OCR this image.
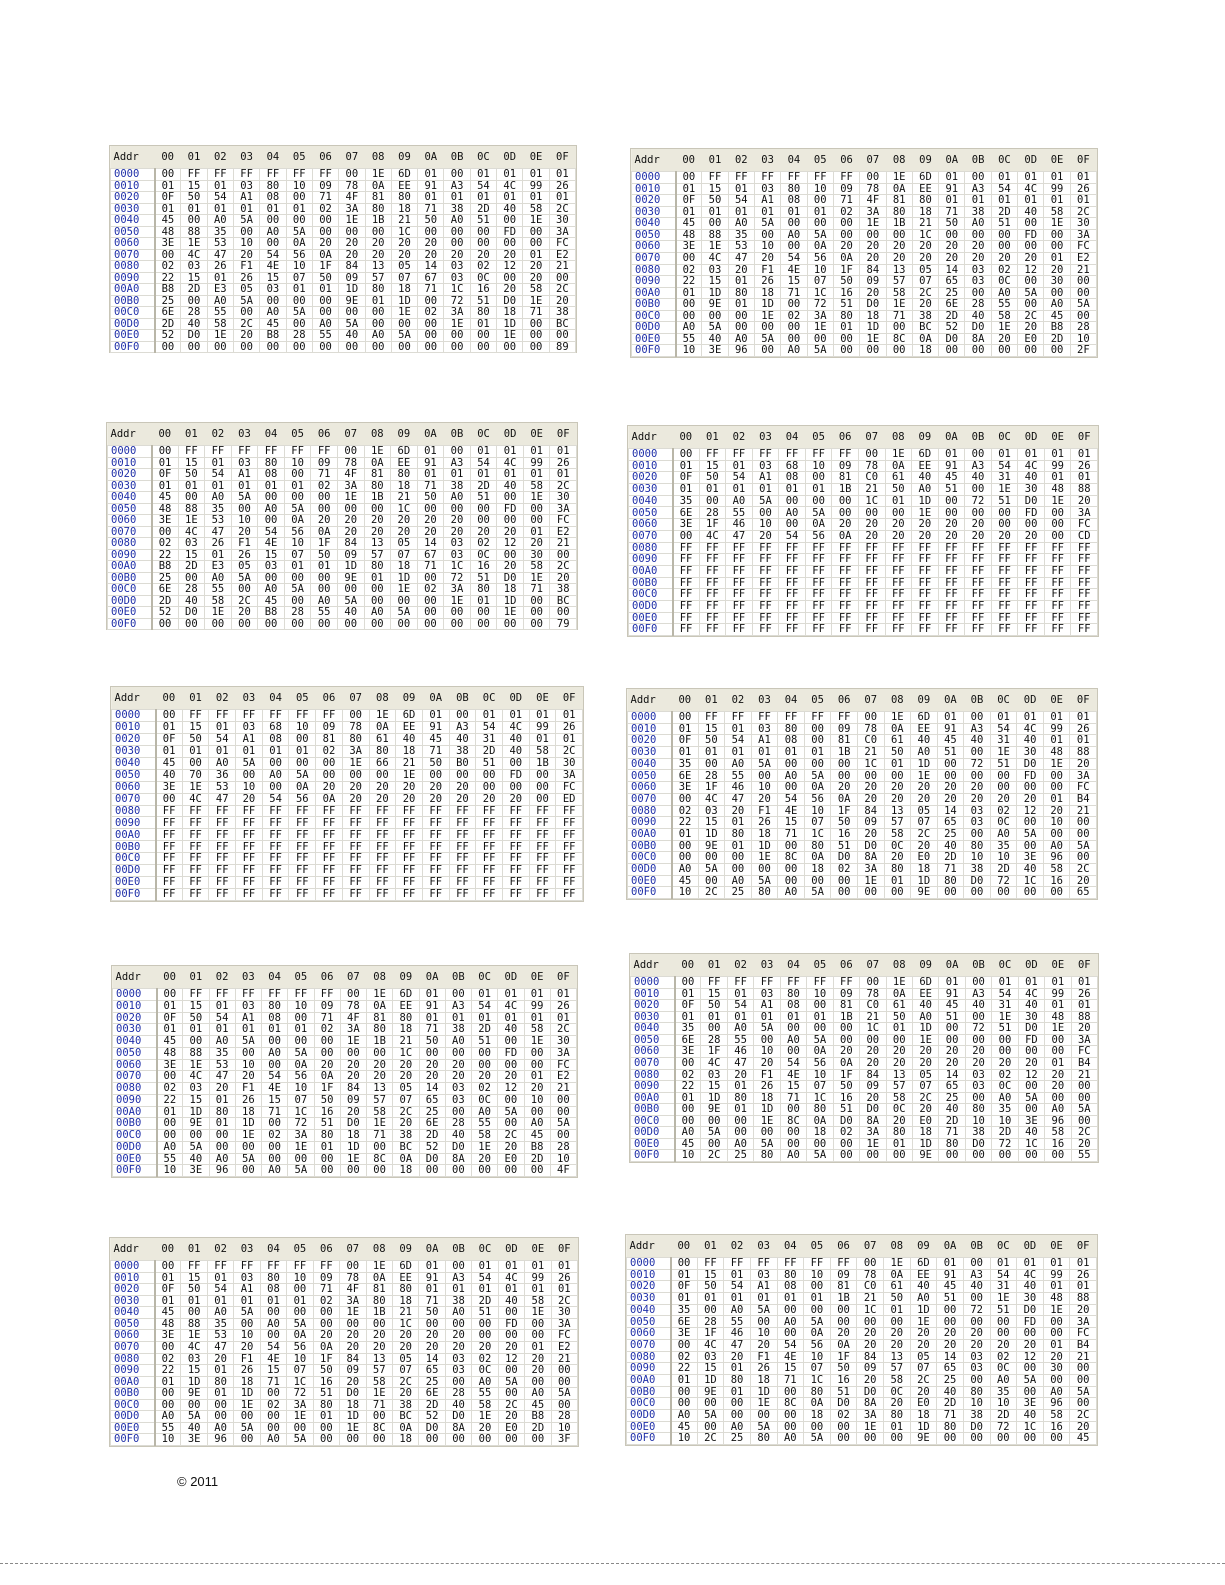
Addr	00	01	02	03	04	05	06	07	08	09	0A	0B	0C	0D	0E	0F
0000	00	FF	FF	FF	FF	FF	FF	00	1E	6D	01	00	01	01	01	01
0010	01	15	01	03	80	10	09	78	0A	EE	91	A3	54	4C	99	26
0020	0F	50	54	A1	08	00	71	4F	81	80	01	01	01	01	01	01
0030	01	01	01	01	01	01	02	3A	80	18	71	38	2D	40	58	2C
0040	45	00	A0	5A	00	00	00	1E	1B	21	50	A0	51	00	1E	30
0050	48	88	35	00	A0	5A	00	00	00	1C	00	00	00	FD	00	3A
0060	3E	1E	53	10	00	0A	20	20	20	20	20	00	00	00	00	FC
0070	00	4C	47	20	54	56	0A	20	20	20	20	20	20	20	01	E2
0080	02	03	26	F1	4E	10	1F	84	13	05	14	03	02	12	20	21
0090	22	15	01	26	15	07	50	09	57	07	67	03	0C	00	20	00
00A0	B8	2D	E3	05	03	01	01	1D	80	18	71	1C	16	20	58	2C
00B0	25	00	A0	5A	00	00	00	9E	01	1D	00	72	51	D0	1E	20
00C0	6E	28	55	00	A0	5A	00	00	00	1E	02	3A	80	18	71	38
00D0	2D	40	58	2C	45	00	A0	5A	00	00	00	1E	01	1D	00	BC
00E0	52	D0	1E	20	B8	28	55	40	A0	5A	00	00	00	1E	00	00
00F0	00	00	00	00	00	00	00	00	00	00	00	00	00	00	00	89
Addr	00	01	02	03	04	05	06	07	08	09	0A	0B	0C	0D	0E	0F
0000	00	FF	FF	FF	FF	FF	FF	00	1E	6D	01	00	01	01	01	01
0010	01	15	01	03	80	10	09	78	0A	EE	91	A3	54	4C	99	26
0020	0F	50	54	A1	08	00	71	4F	81	80	01	01	01	01	01	01
0030	01	01	01	01	01	01	02	3A	80	18	71	38	2D	40	58	2C
0040	45	00	A0	5A	00	00	00	1E	1B	21	50	A0	51	00	1E	30
0050	48	88	35	00	A0	5A	00	00	00	1C	00	00	00	FD	00	3A
0060	3E	1E	53	10	00	0A	20	20	20	20	20	20	00	00	00	FC
0070	00	4C	47	20	54	56	0A	20	20	20	20	20	20	20	01	E2
0080	02	03	20	F1	4E	10	1F	84	13	05	14	03	02	12	20	21
0090	22	15	01	26	15	07	50	09	57	07	65	03	0C	00	30	00
00A0	01	1D	80	18	71	1C	16	20	58	2C	25	00	A0	5A	00	00
00B0	00	9E	01	1D	00	72	51	D0	1E	20	6E	28	55	00	A0	5A
00C0	00	00	00	1E	02	3A	80	18	71	38	2D	40	58	2C	45	00
00D0	A0	5A	00	00	00	1E	01	1D	00	BC	52	D0	1E	20	B8	28
00E0	55	40	A0	5A	00	00	00	1E	8C	0A	D0	8A	20	E0	2D	10
00F0	10	3E	96	00	A0	5A	00	00	00	18	00	00	00	00	00	2F
Addr	00	01	02	03	04	05	06	07	08	09	0A	0B	0C	0D	0E	0F
0000	00	FF	FF	FF	FF	FF	FF	00	1E	6D	01	00	01	01	01	01
0010	01	15	01	03	80	10	09	78	0A	EE	91	A3	54	4C	99	26
0020	0F	50	54	A1	08	00	71	4F	81	80	01	01	01	01	01	01
0030	01	01	01	01	01	01	02	3A	80	18	71	38	2D	40	58	2C
0040	45	00	A0	5A	00	00	00	1E	1B	21	50	A0	51	00	1E	30
0050	48	88	35	00	A0	5A	00	00	00	1C	00	00	00	FD	00	3A
0060	3E	1E	53	10	00	0A	20	20	20	20	20	20	00	00	00	FC
0070	00	4C	47	20	54	56	0A	20	20	20	20	20	20	20	01	E2
0080	02	03	26	F1	4E	10	1F	84	13	05	14	03	02	12	20	21
0090	22	15	01	26	15	07	50	09	57	07	67	03	0C	00	30	00
00A0	B8	2D	E3	05	03	01	01	1D	80	18	71	1C	16	20	58	2C
00B0	25	00	A0	5A	00	00	00	9E	01	1D	00	72	51	D0	1E	20
00C0	6E	28	55	00	A0	5A	00	00	00	1E	02	3A	80	18	71	38
00D0	2D	40	58	2C	45	00	A0	5A	00	00	00	1E	01	1D	00	BC
00E0	52	D0	1E	20	B8	28	55	40	A0	5A	00	00	00	1E	00	00
00F0	00	00	00	00	00	00	00	00	00	00	00	00	00	00	00	79
Addr	00	01	02	03	04	05	06	07	08	09	0A	0B	0C	0D	0E	0F
0000	00	FF	FF	FF	FF	FF	FF	00	1E	6D	01	00	01	01	01	01
0010	01	15	01	03	68	10	09	78	0A	EE	91	A3	54	4C	99	26
0020	0F	50	54	A1	08	00	81	C0	61	40	45	40	31	40	01	01
0030	01	01	01	01	01	01	1B	21	50	A0	51	00	1E	30	48	88
0040	35	00	A0	5A	00	00	00	1C	01	1D	00	72	51	D0	1E	20
0050	6E	28	55	00	A0	5A	00	00	00	1E	00	00	00	FD	00	3A
0060	3E	1F	46	10	00	0A	20	20	20	20	20	20	00	00	00	FC
0070	00	4C	47	20	54	56	0A	20	20	20	20	20	20	20	00	CD
0080	FF	FF	FF	FF	FF	FF	FF	FF	FF	FF	FF	FF	FF	FF	FF	FF
0090	FF	FF	FF	FF	FF	FF	FF	FF	FF	FF	FF	FF	FF	FF	FF	FF
00A0	FF	FF	FF	FF	FF	FF	FF	FF	FF	FF	FF	FF	FF	FF	FF	FF
00B0	FF	FF	FF	FF	FF	FF	FF	FF	FF	FF	FF	FF	FF	FF	FF	FF
00C0	FF	FF	FF	FF	FF	FF	FF	FF	FF	FF	FF	FF	FF	FF	FF	FF
00D0	FF	FF	FF	FF	FF	FF	FF	FF	FF	FF	FF	FF	FF	FF	FF	FF
00E0	FF	FF	FF	FF	FF	FF	FF	FF	FF	FF	FF	FF	FF	FF	FF	FF
00F0	FF	FF	FF	FF	FF	FF	FF	FF	FF	FF	FF	FF	FF	FF	FF	FF
Addr	00	01	02	03	04	05	06	07	08	09	0A	0B	0C	0D	0E	0F
0000	00	FF	FF	FF	FF	FF	FF	00	1E	6D	01	00	01	01	01	01
0010	01	15	01	03	68	10	09	78	0A	EE	91	A3	54	4C	99	26
0020	0F	50	54	A1	08	00	81	80	61	40	45	40	31	40	01	01
0030	01	01	01	01	01	01	02	3A	80	18	71	38	2D	40	58	2C
0040	45	00	A0	5A	00	00	00	1E	66	21	50	B0	51	00	1B	30
0050	40	70	36	00	A0	5A	00	00	00	1E	00	00	00	FD	00	3A
0060	3E	1E	53	10	00	0A	20	20	20	20	20	20	00	00	00	FC
0070	00	4C	47	20	54	56	0A	20	20	20	20	20	20	20	00	ED
0080	FF	FF	FF	FF	FF	FF	FF	FF	FF	FF	FF	FF	FF	FF	FF	FF
0090	FF	FF	FF	FF	FF	FF	FF	FF	FF	FF	FF	FF	FF	FF	FF	FF
00A0	FF	FF	FF	FF	FF	FF	FF	FF	FF	FF	FF	FF	FF	FF	FF	FF
00B0	FF	FF	FF	FF	FF	FF	FF	FF	FF	FF	FF	FF	FF	FF	FF	FF
00C0	FF	FF	FF	FF	FF	FF	FF	FF	FF	FF	FF	FF	FF	FF	FF	FF
00D0	FF	FF	FF	FF	FF	FF	FF	FF	FF	FF	FF	FF	FF	FF	FF	FF
00E0	FF	FF	FF	FF	FF	FF	FF	FF	FF	FF	FF	FF	FF	FF	FF	FF
00F0	FF	FF	FF	FF	FF	FF	FF	FF	FF	FF	FF	FF	FF	FF	FF	FF
Addr	00	01	02	03	04	05	06	07	08	09	0A	0B	0C	0D	0E	0F
0000	00	FF	FF	FF	FF	FF	FF	00	1E	6D	01	00	01	01	01	01
0010	01	15	01	03	80	00	09	78	0A	EE	91	A3	54	4C	99	26
0020	0F	50	54	A1	08	00	81	C0	61	40	45	40	31	40	01	01
0030	01	01	01	01	01	01	1B	21	50	A0	51	00	1E	30	48	88
0040	35	00	A0	5A	00	00	00	1C	01	1D	00	72	51	D0	1E	20
0050	6E	28	55	00	A0	5A	00	00	00	1E	00	00	00	FD	00	3A
0060	3E	1F	46	10	00	0A	20	20	20	20	20	20	00	00	00	FC
0070	00	4C	47	20	54	56	0A	20	20	20	20	20	20	20	01	B4
0080	02	03	20	F1	4E	10	1F	84	13	05	14	03	02	12	20	21
0090	22	15	01	26	15	07	50	09	57	07	65	03	0C	00	10	00
00A0	01	1D	80	18	71	1C	16	20	58	2C	25	00	A0	5A	00	00
00B0	00	9E	01	1D	00	80	51	D0	0C	20	40	80	35	00	A0	5A
00C0	00	00	00	1E	8C	0A	D0	8A	20	E0	2D	10	10	3E	96	00
00D0	A0	5A	00	00	00	18	02	3A	80	18	71	38	2D	40	58	2C
00E0	45	00	A0	5A	00	00	00	1E	01	1D	80	D0	72	1C	16	20
00F0	10	2C	25	80	A0	5A	00	00	00	9E	00	00	00	00	00	65
Addr	00	01	02	03	04	05	06	07	08	09	0A	0B	0C	0D	0E	0F
0000	00	FF	FF	FF	FF	FF	FF	00	1E	6D	01	00	01	01	01	01
0010	01	15	01	03	80	10	09	78	0A	EE	91	A3	54	4C	99	26
0020	0F	50	54	A1	08	00	71	4F	81	80	01	01	01	01	01	01
0030	01	01	01	01	01	01	02	3A	80	18	71	38	2D	40	58	2C
0040	45	00	A0	5A	00	00	00	1E	1B	21	50	A0	51	00	1E	30
0050	48	88	35	00	A0	5A	00	00	00	1C	00	00	00	FD	00	3A
0060	3E	1E	53	10	00	0A	20	20	20	20	20	20	00	00	00	FC
0070	00	4C	47	20	54	56	0A	20	20	20	20	20	20	20	01	E2
0080	02	03	20	F1	4E	10	1F	84	13	05	14	03	02	12	20	21
0090	22	15	01	26	15	07	50	09	57	07	65	03	0C	00	10	00
00A0	01	1D	80	18	71	1C	16	20	58	2C	25	00	A0	5A	00	00
00B0	00	9E	01	1D	00	72	51	D0	1E	20	6E	28	55	00	A0	5A
00C0	00	00	00	1E	02	3A	80	18	71	38	2D	40	58	2C	45	00
00D0	A0	5A	00	00	00	1E	01	1D	00	BC	52	D0	1E	20	B8	28
00E0	55	40	A0	5A	00	00	00	1E	8C	0A	D0	8A	20	E0	2D	10
00F0	10	3E	96	00	A0	5A	00	00	00	18	00	00	00	00	00	4F
Addr	00	01	02	03	04	05	06	07	08	09	0A	0B	0C	0D	0E	0F
0000	00	FF	FF	FF	FF	FF	FF	00	1E	6D	01	00	01	01	01	01
0010	01	15	01	03	80	10	09	78	0A	EE	91	A3	54	4C	99	26
0020	0F	50	54	A1	08	00	81	C0	61	40	45	40	31	40	01	01
0030	01	01	01	01	01	01	1B	21	50	A0	51	00	1E	30	48	88
0040	35	00	A0	5A	00	00	00	1C	01	1D	00	72	51	D0	1E	20
0050	6E	28	55	00	A0	5A	00	00	00	1E	00	00	00	FD	00	3A
0060	3E	1F	46	10	00	0A	20	20	20	20	20	20	00	00	00	FC
0070	00	4C	47	20	54	56	0A	20	20	20	20	20	20	20	01	B4
0080	02	03	20	F1	4E	10	1F	84	13	05	14	03	02	12	20	21
0090	22	15	01	26	15	07	50	09	57	07	65	03	0C	00	20	00
00A0	01	1D	80	18	71	1C	16	20	58	2C	25	00	A0	5A	00	00
00B0	00	9E	01	1D	00	80	51	D0	0C	20	40	80	35	00	A0	5A
00C0	00	00	00	1E	8C	0A	D0	8A	20	E0	2D	10	10	3E	96	00
00D0	A0	5A	00	00	00	18	02	3A	80	18	71	38	2D	40	58	2C
00E0	45	00	A0	5A	00	00	00	1E	01	1D	80	D0	72	1C	16	20
00F0	10	2C	25	80	A0	5A	00	00	00	9E	00	00	00	00	00	55
Addr	00	01	02	03	04	05	06	07	08	09	0A	0B	0C	0D	0E	0F
0000	00	FF	FF	FF	FF	FF	FF	00	1E	6D	01	00	01	01	01	01
0010	01	15	01	03	80	10	09	78	0A	EE	91	A3	54	4C	99	26
0020	0F	50	54	A1	08	00	71	4F	81	80	01	01	01	01	01	01
0030	01	01	01	01	01	01	02	3A	80	18	71	38	2D	40	58	2C
0040	45	00	A0	5A	00	00	00	1E	1B	21	50	A0	51	00	1E	30
0050	48	88	35	00	A0	5A	00	00	00	1C	00	00	00	FD	00	3A
0060	3E	1E	53	10	00	0A	20	20	20	20	20	20	00	00	00	FC
0070	00	4C	47	20	54	56	0A	20	20	20	20	20	20	20	01	E2
0080	02	03	20	F1	4E	10	1F	84	13	05	14	03	02	12	20	21
0090	22	15	01	26	15	07	50	09	57	07	65	03	0C	00	20	00
00A0	01	1D	80	18	71	1C	16	20	58	2C	25	00	A0	5A	00	00
00B0	00	9E	01	1D	00	72	51	D0	1E	20	6E	28	55	00	A0	5A
00C0	00	00	00	1E	02	3A	80	18	71	38	2D	40	58	2C	45	00
00D0	A0	5A	00	00	00	1E	01	1D	00	BC	52	D0	1E	20	B8	28
00E0	55	40	A0	5A	00	00	00	1E	8C	0A	D0	8A	20	E0	2D	10
00F0	10	3E	96	00	A0	5A	00	00	00	18	00	00	00	00	00	3F
Addr	00	01	02	03	04	05	06	07	08	09	0A	0B	0C	0D	0E	0F
0000	00	FF	FF	FF	FF	FF	FF	00	1E	6D	01	00	01	01	01	01
0010	01	15	01	03	80	10	09	78	0A	EE	91	A3	54	4C	99	26
0020	0F	50	54	A1	08	00	81	C0	61	40	45	40	31	40	01	01
0030	01	01	01	01	01	01	1B	21	50	A0	51	00	1E	30	48	88
0040	35	00	A0	5A	00	00	00	1C	01	1D	00	72	51	D0	1E	20
0050	6E	28	55	00	A0	5A	00	00	00	1E	00	00	00	FD	00	3A
0060	3E	1F	46	10	00	0A	20	20	20	20	20	20	00	00	00	FC
0070	00	4C	47	20	54	56	0A	20	20	20	20	20	20	20	01	B4
0080	02	03	20	F1	4E	10	1F	84	13	05	14	03	02	12	20	21
0090	22	15	01	26	15	07	50	09	57	07	65	03	0C	00	30	00
00A0	01	1D	80	18	71	1C	16	20	58	2C	25	00	A0	5A	00	00
00B0	00	9E	01	1D	00	80	51	D0	0C	20	40	80	35	00	A0	5A
00C0	00	00	00	1E	8C	0A	D0	8A	20	E0	2D	10	10	3E	96	00
00D0	A0	5A	00	00	00	18	02	3A	80	18	71	38	2D	40	58	2C
00E0	45	00	A0	5A	00	00	00	1E	01	1D	80	D0	72	1C	16	20
00F0	10	2C	25	80	A0	5A	00	00	00	9E	00	00	00	00	00	45
© 2011
